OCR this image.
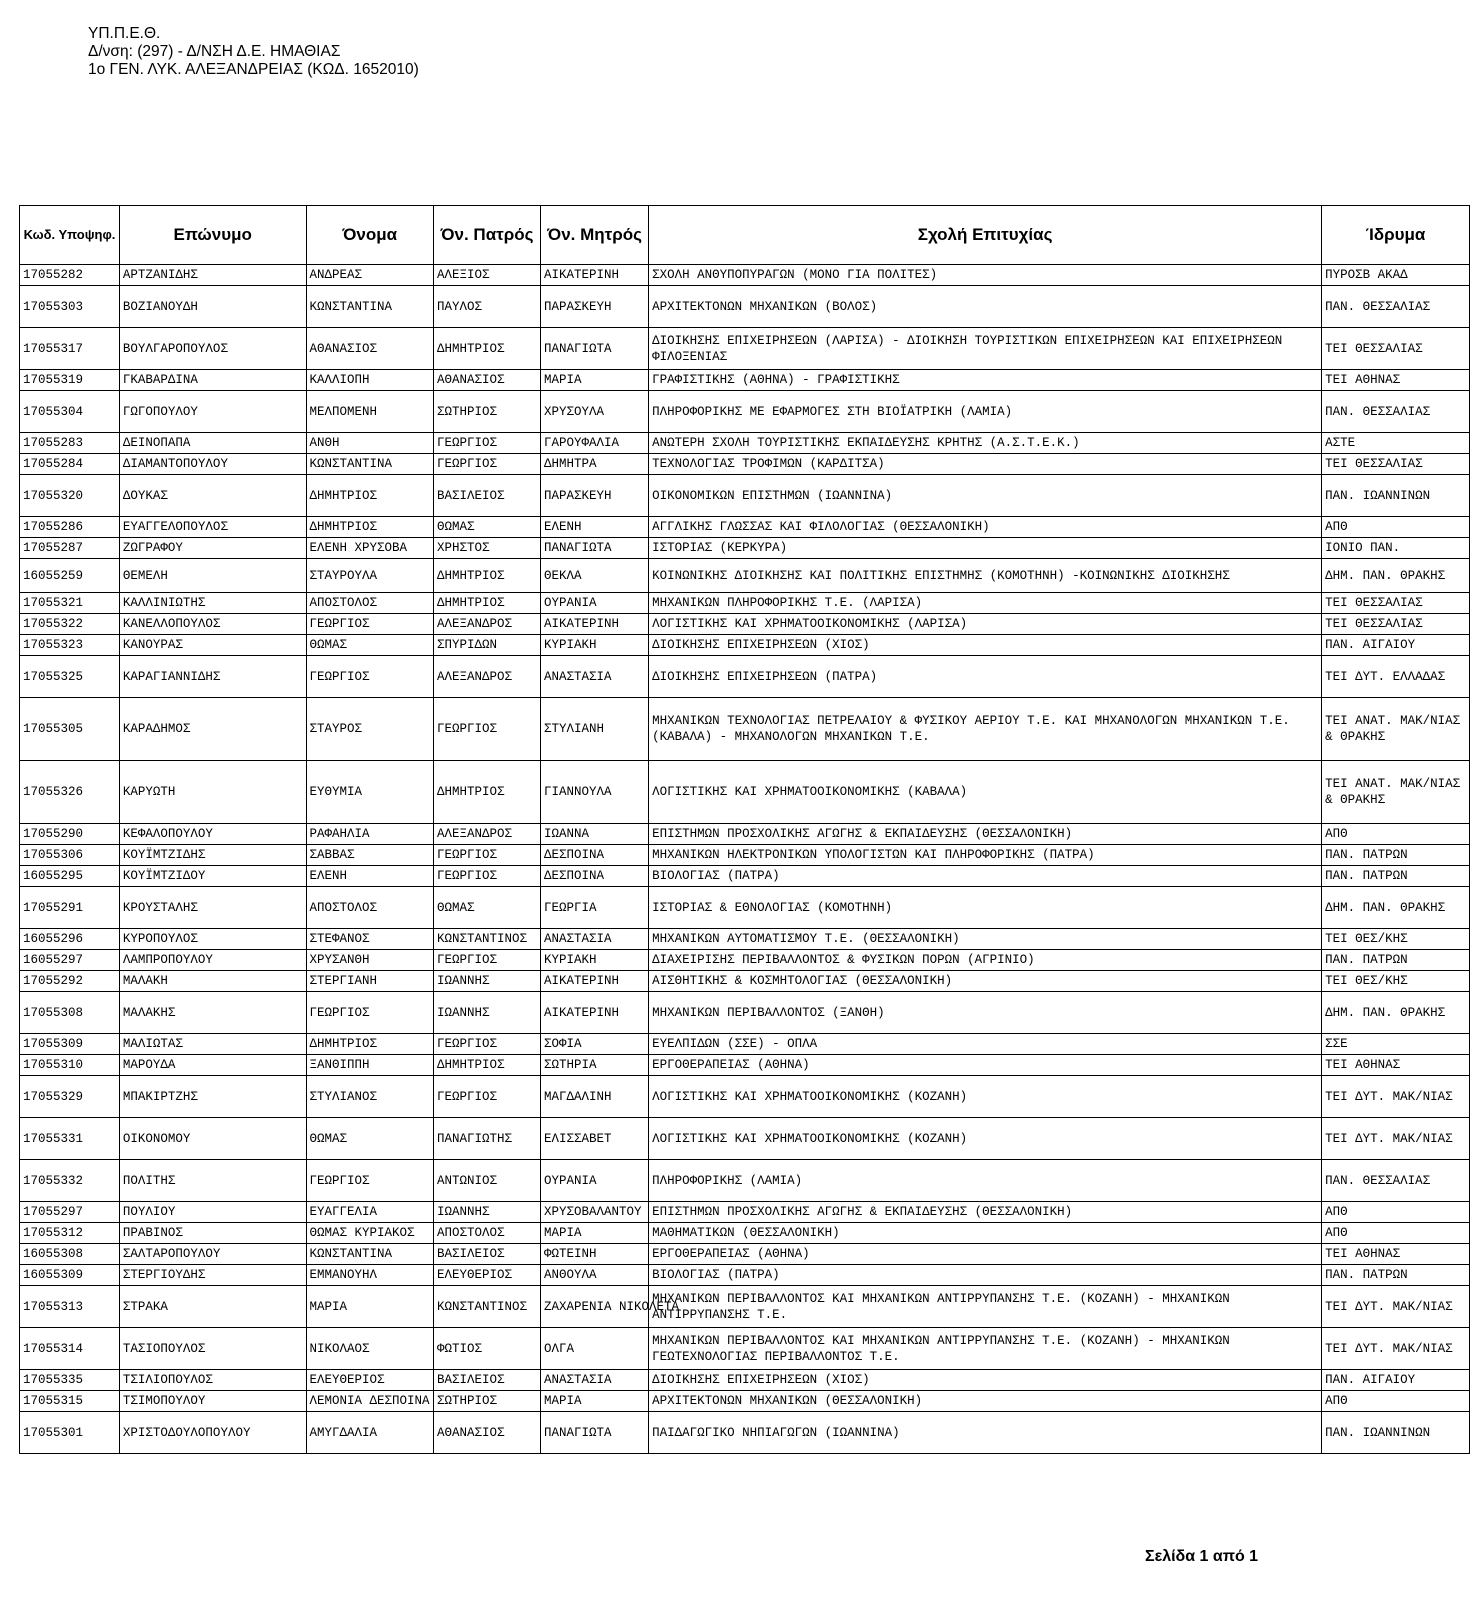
ΥΠ.Π.Ε.Θ.
Δ/νση: (297) - Δ/ΝΣΗ Δ.Ε. ΗΜΑΘΙΑΣ
1ο ΓΕΝ. ΛΥΚ. ΑΛΕΞΑΝΔΡΕΙΑΣ (ΚΩΔ. 1652010)
Κωδ. Υποψηφ.	Επώνυμο	Όνομα	Όν. Πατρός	Όν. Μητρός	Σχολή Επιτυχίας	Ίδρυμα
17055282	ΑΡΤΖΑΝΙΔΗΣ	ΑΝΔΡΕΑΣ	ΑΛΕΞΙΟΣ	ΑΙΚΑΤΕΡΙΝΗ	ΣΧΟΛΗ ΑΝΘΥΠΟΠΥΡΑΓΩΝ (ΜΟΝΟ ΓΙΑ ΠΟΛΙΤΕΣ)	ΠΥΡΟΣΒ ΑΚΑΔ
17055303	ΒΟΖΙΑΝΟΥΔΗ	ΚΩΝΣΤΑΝΤΙΝΑ	ΠΑΥΛΟΣ	ΠΑΡΑΣΚΕΥΗ	ΑΡΧΙΤΕΚΤΟΝΩΝ ΜΗΧΑΝΙΚΩΝ (ΒΟΛΟΣ)	ΠΑΝ. ΘΕΣΣΑΛΙΑΣ
17055317	ΒΟΥΛΓΑΡΟΠΟΥΛΟΣ	ΑΘΑΝΑΣΙΟΣ	ΔΗΜΗΤΡΙΟΣ	ΠΑΝΑΓΙΩΤΑ	ΔΙΟΙΚΗΣΗΣ ΕΠΙΧΕΙΡΗΣΕΩΝ (ΛΑΡΙΣΑ) - ΔΙΟΙΚΗΣΗ ΤΟΥΡΙΣΤΙΚΩΝ ΕΠΙΧΕΙΡΗΣΕΩΝ ΚΑΙ ΕΠΙΧΕΙΡΗΣΕΩΝ ΦΙΛΟΞΕΝΙΑΣ	ΤΕΙ ΘΕΣΣΑΛΙΑΣ
17055319	ΓΚΑΒΑΡΔΙΝΑ	ΚΑΛΛΙΟΠΗ	ΑΘΑΝΑΣΙΟΣ	ΜΑΡΙΑ	ΓΡΑΦΙΣΤΙΚΗΣ (ΑΘΗΝΑ) - ΓΡΑΦΙΣΤΙΚΗΣ	ΤΕΙ ΑΘΗΝΑΣ
17055304	ΓΩΓΟΠΟΥΛΟΥ	ΜΕΛΠΟΜΕΝΗ	ΣΩΤΗΡΙΟΣ	ΧΡΥΣΟΥΛΑ	ΠΛΗΡΟΦΟΡΙΚΗΣ ΜΕ ΕΦΑΡΜΟΓΕΣ ΣΤΗ ΒΙΟΪΑΤΡΙΚΗ (ΛΑΜΙΑ)	ΠΑΝ. ΘΕΣΣΑΛΙΑΣ
17055283	ΔΕΙΝΟΠΑΠΑ	ΑΝΘΗ	ΓΕΩΡΓΙΟΣ	ΓΑΡΟΥΦΑΛΙΑ	ΑΝΩΤΕΡΗ ΣΧΟΛΗ ΤΟΥΡΙΣΤΙΚΗΣ ΕΚΠΑΙΔΕΥΣΗΣ ΚΡΗΤΗΣ (Α.Σ.Τ.Ε.Κ.)	ΑΣΤΕ
17055284	ΔΙΑΜΑΝΤΟΠΟΥΛΟΥ	ΚΩΝΣΤΑΝΤΙΝΑ	ΓΕΩΡΓΙΟΣ	ΔΗΜΗΤΡΑ	ΤΕΧΝΟΛΟΓΙΑΣ ΤΡΟΦΙΜΩΝ (ΚΑΡΔΙΤΣΑ)	ΤΕΙ ΘΕΣΣΑΛΙΑΣ
17055320	ΔΟΥΚΑΣ	ΔΗΜΗΤΡΙΟΣ	ΒΑΣΙΛΕΙΟΣ	ΠΑΡΑΣΚΕΥΗ	ΟΙΚΟΝΟΜΙΚΩΝ ΕΠΙΣΤΗΜΩΝ (ΙΩΑΝΝΙΝΑ)	ΠΑΝ. ΙΩΑΝΝΙΝΩΝ
17055286	ΕΥΑΓΓΕΛΟΠΟΥΛΟΣ	ΔΗΜΗΤΡΙΟΣ	ΘΩΜΑΣ	ΕΛΕΝΗ	ΑΓΓΛΙΚΗΣ ΓΛΩΣΣΑΣ ΚΑΙ ΦΙΛΟΛΟΓΙΑΣ (ΘΕΣΣΑΛΟΝΙΚΗ)	ΑΠΘ
17055287	ΖΩΓΡΑΦΟΥ	ΕΛΕΝΗ ΧΡΥΣΟΒΑ	ΧΡΗΣΤΟΣ	ΠΑΝΑΓΙΩΤΑ	ΙΣΤΟΡΙΑΣ (ΚΕΡΚΥΡΑ)	ΙΟΝΙΟ ΠΑΝ.
16055259	ΘΕΜΕΛΗ	ΣΤΑΥΡΟΥΛΑ	ΔΗΜΗΤΡΙΟΣ	ΘΕΚΛΑ	ΚΟΙΝΩΝΙΚΗΣ ΔΙΟΙΚΗΣΗΣ ΚΑΙ ΠΟΛΙΤΙΚΗΣ ΕΠΙΣΤΗΜΗΣ (ΚΟΜΟΤΗΝΗ) -ΚΟΙΝΩΝΙΚΗΣ ΔΙΟΙΚΗΣΗΣ	ΔΗΜ. ΠΑΝ. ΘΡΑΚΗΣ
17055321	ΚΑΛΛΙΝΙΩΤΗΣ	ΑΠΟΣΤΟΛΟΣ	ΔΗΜΗΤΡΙΟΣ	ΟΥΡΑΝΙΑ	ΜΗΧΑΝΙΚΩΝ ΠΛΗΡΟΦΟΡΙΚΗΣ Τ.Ε. (ΛΑΡΙΣΑ)	ΤΕΙ ΘΕΣΣΑΛΙΑΣ
17055322	ΚΑΝΕΛΛΟΠΟΥΛΟΣ	ΓΕΩΡΓΙΟΣ	ΑΛΕΞΑΝΔΡΟΣ	ΑΙΚΑΤΕΡΙΝΗ	ΛΟΓΙΣΤΙΚΗΣ ΚΑΙ ΧΡΗΜΑΤΟΟΙΚΟΝΟΜΙΚΗΣ (ΛΑΡΙΣΑ)	ΤΕΙ ΘΕΣΣΑΛΙΑΣ
17055323	ΚΑΝΟΥΡΑΣ	ΘΩΜΑΣ	ΣΠΥΡΙΔΩΝ	ΚΥΡΙΑΚΗ	ΔΙΟΙΚΗΣΗΣ ΕΠΙΧΕΙΡΗΣΕΩΝ (ΧΙΟΣ)	ΠΑΝ. ΑΙΓΑΙΟΥ
17055325	ΚΑΡΑΓΙΑΝΝΙΔΗΣ	ΓΕΩΡΓΙΟΣ	ΑΛΕΞΑΝΔΡΟΣ	ΑΝΑΣΤΑΣΙΑ	ΔΙΟΙΚΗΣΗΣ ΕΠΙΧΕΙΡΗΣΕΩΝ (ΠΑΤΡΑ)	ΤΕΙ ΔΥΤ. ΕΛΛΑΔΑΣ
17055305	ΚΑΡΑΔΗΜΟΣ	ΣΤΑΥΡΟΣ	ΓΕΩΡΓΙΟΣ	ΣΤΥΛΙΑΝΗ	ΜΗΧΑΝΙΚΩΝ ΤΕΧΝΟΛΟΓΙΑΣ ΠΕΤΡΕΛΑΙΟΥ & ΦΥΣΙΚΟΥ ΑΕΡΙΟΥ Τ.Ε. ΚΑΙ ΜΗΧΑΝΟΛΟΓΩΝ ΜΗΧΑΝΙΚΩΝ Τ.Ε. (ΚΑΒΑΛΑ) - ΜΗΧΑΝΟΛΟΓΩΝ ΜΗΧΑΝΙΚΩΝ Τ.Ε.	ΤΕΙ ΑΝΑΤ. ΜΑΚ/ΝΙΑΣ & ΘΡΑΚΗΣ
17055326	ΚΑΡΥΩΤΗ	ΕΥΘΥΜΙΑ	ΔΗΜΗΤΡΙΟΣ	ΓΙΑΝΝΟΥΛΑ	ΛΟΓΙΣΤΙΚΗΣ ΚΑΙ ΧΡΗΜΑΤΟΟΙΚΟΝΟΜΙΚΗΣ (ΚΑΒΑΛΑ)	ΤΕΙ ΑΝΑΤ. ΜΑΚ/ΝΙΑΣ & ΘΡΑΚΗΣ
17055290	ΚΕΦΑΛΟΠΟΥΛΟΥ	ΡΑΦΑΗΛΙΑ	ΑΛΕΞΑΝΔΡΟΣ	ΙΩΑΝΝΑ	ΕΠΙΣΤΗΜΩΝ ΠΡΟΣΧΟΛΙΚΗΣ ΑΓΩΓΗΣ & ΕΚΠΑΙΔΕΥΣΗΣ (ΘΕΣΣΑΛΟΝΙΚΗ)	ΑΠΘ
17055306	ΚΟΥΪΜΤΖΙΔΗΣ	ΣΑΒΒΑΣ	ΓΕΩΡΓΙΟΣ	ΔΕΣΠΟΙΝΑ	ΜΗΧΑΝΙΚΩΝ ΗΛΕΚΤΡΟΝΙΚΩΝ ΥΠΟΛΟΓΙΣΤΩΝ ΚΑΙ ΠΛΗΡΟΦΟΡΙΚΗΣ (ΠΑΤΡΑ)	ΠΑΝ. ΠΑΤΡΩΝ
16055295	ΚΟΥΪΜΤΖΙΔΟΥ	ΕΛΕΝΗ	ΓΕΩΡΓΙΟΣ	ΔΕΣΠΟΙΝΑ	ΒΙΟΛΟΓΙΑΣ (ΠΑΤΡΑ)	ΠΑΝ. ΠΑΤΡΩΝ
17055291	ΚΡΟΥΣΤΑΛΗΣ	ΑΠΟΣΤΟΛΟΣ	ΘΩΜΑΣ	ΓΕΩΡΓΙΑ	ΙΣΤΟΡΙΑΣ & ΕΘΝΟΛΟΓΙΑΣ (ΚΟΜΟΤΗΝΗ)	ΔΗΜ. ΠΑΝ. ΘΡΑΚΗΣ
16055296	ΚΥΡΟΠΟΥΛΟΣ	ΣΤΕΦΑΝΟΣ	ΚΩΝΣΤΑΝΤΙΝΟΣ	ΑΝΑΣΤΑΣΙΑ	ΜΗΧΑΝΙΚΩΝ ΑΥΤΟΜΑΤΙΣΜΟΥ Τ.Ε. (ΘΕΣΣΑΛΟΝΙΚΗ)	ΤΕΙ ΘΕΣ/ΚΗΣ
16055297	ΛΑΜΠΡΟΠΟΥΛΟΥ	ΧΡΥΣΑΝΘΗ	ΓΕΩΡΓΙΟΣ	ΚΥΡΙΑΚΗ	ΔΙΑΧΕΙΡΙΣΗΣ ΠΕΡΙΒΑΛΛΟΝΤΟΣ & ΦΥΣΙΚΩΝ ΠΟΡΩΝ (ΑΓΡΙΝΙΟ)	ΠΑΝ. ΠΑΤΡΩΝ
17055292	ΜΑΛΑΚΗ	ΣΤΕΡΓΙΑΝΗ	ΙΩΑΝΝΗΣ	ΑΙΚΑΤΕΡΙΝΗ	ΑΙΣΘΗΤΙΚΗΣ & ΚΟΣΜΗΤΟΛΟΓΙΑΣ (ΘΕΣΣΑΛΟΝΙΚΗ)	ΤΕΙ ΘΕΣ/ΚΗΣ
17055308	ΜΑΛΑΚΗΣ	ΓΕΩΡΓΙΟΣ	ΙΩΑΝΝΗΣ	ΑΙΚΑΤΕΡΙΝΗ	ΜΗΧΑΝΙΚΩΝ ΠΕΡΙΒΑΛΛΟΝΤΟΣ (ΞΑΝΘΗ)	ΔΗΜ. ΠΑΝ. ΘΡΑΚΗΣ
17055309	ΜΑΛΙΩΤΑΣ	ΔΗΜΗΤΡΙΟΣ	ΓΕΩΡΓΙΟΣ	ΣΟΦΙΑ	ΕΥΕΛΠΙΔΩΝ (ΣΣΕ) - ΟΠΛΑ	ΣΣΕ
17055310	ΜΑΡΟΥΔΑ	ΞΑΝΘΙΠΠΗ	ΔΗΜΗΤΡΙΟΣ	ΣΩΤΗΡΙΑ	ΕΡΓΟΘΕΡΑΠΕΙΑΣ (ΑΘΗΝΑ)	ΤΕΙ ΑΘΗΝΑΣ
17055329	ΜΠΑΚΙΡΤΖΗΣ	ΣΤΥΛΙΑΝΟΣ	ΓΕΩΡΓΙΟΣ	ΜΑΓΔΑΛΙΝΗ	ΛΟΓΙΣΤΙΚΗΣ ΚΑΙ ΧΡΗΜΑΤΟΟΙΚΟΝΟΜΙΚΗΣ (ΚΟΖΑΝΗ)	ΤΕΙ ΔΥΤ. ΜΑΚ/ΝΙΑΣ
17055331	ΟΙΚΟΝΟΜΟΥ	ΘΩΜΑΣ	ΠΑΝΑΓΙΩΤΗΣ	ΕΛΙΣΣΑΒΕΤ	ΛΟΓΙΣΤΙΚΗΣ ΚΑΙ ΧΡΗΜΑΤΟΟΙΚΟΝΟΜΙΚΗΣ (ΚΟΖΑΝΗ)	ΤΕΙ ΔΥΤ. ΜΑΚ/ΝΙΑΣ
17055332	ΠΟΛΙΤΗΣ	ΓΕΩΡΓΙΟΣ	ΑΝΤΩΝΙΟΣ	ΟΥΡΑΝΙΑ	ΠΛΗΡΟΦΟΡΙΚΗΣ (ΛΑΜΙΑ)	ΠΑΝ. ΘΕΣΣΑΛΙΑΣ
17055297	ΠΟΥΛΙΟΥ	ΕΥΑΓΓΕΛΙΑ	ΙΩΑΝΝΗΣ	ΧΡΥΣΟΒΑΛΑΝΤΟΥ	ΕΠΙΣΤΗΜΩΝ ΠΡΟΣΧΟΛΙΚΗΣ ΑΓΩΓΗΣ & ΕΚΠΑΙΔΕΥΣΗΣ (ΘΕΣΣΑΛΟΝΙΚΗ)	ΑΠΘ
17055312	ΠΡΑΒΙΝΟΣ	ΘΩΜΑΣ ΚΥΡΙΑΚΟΣ	ΑΠΟΣΤΟΛΟΣ	ΜΑΡΙΑ	ΜΑΘΗΜΑΤΙΚΩΝ (ΘΕΣΣΑΛΟΝΙΚΗ)	ΑΠΘ
16055308	ΣΑΛΤΑΡΟΠΟΥΛΟΥ	ΚΩΝΣΤΑΝΤΙΝΑ	ΒΑΣΙΛΕΙΟΣ	ΦΩΤΕΙΝΗ	ΕΡΓΟΘΕΡΑΠΕΙΑΣ (ΑΘΗΝΑ)	ΤΕΙ ΑΘΗΝΑΣ
16055309	ΣΤΕΡΓΙΟΥΔΗΣ	ΕΜΜΑΝΟΥΗΛ	ΕΛΕΥΘΕΡΙΟΣ	ΑΝΘΟΥΛΑ	ΒΙΟΛΟΓΙΑΣ (ΠΑΤΡΑ)	ΠΑΝ. ΠΑΤΡΩΝ
17055313	ΣΤΡΑΚΑ	ΜΑΡΙΑ	ΚΩΝΣΤΑΝΤΙΝΟΣ	ΖΑΧΑΡΕΝΙΑ ΝΙΚΟΛΕΤΑ	ΜΗΧΑΝΙΚΩΝ ΠΕΡΙΒΑΛΛΟΝΤΟΣ ΚΑΙ ΜΗΧΑΝΙΚΩΝ ΑΝΤΙΡΡΥΠΑΝΣΗΣ Τ.Ε. (ΚΟΖΑΝΗ) - ΜΗΧΑΝΙΚΩΝ ΑΝΤΙΡΡΥΠΑΝΣΗΣ Τ.Ε.	ΤΕΙ ΔΥΤ. ΜΑΚ/ΝΙΑΣ
17055314	ΤΑΣΙΟΠΟΥΛΟΣ	ΝΙΚΟΛΑΟΣ	ΦΩΤΙΟΣ	ΟΛΓΑ	ΜΗΧΑΝΙΚΩΝ ΠΕΡΙΒΑΛΛΟΝΤΟΣ ΚΑΙ ΜΗΧΑΝΙΚΩΝ ΑΝΤΙΡΡΥΠΑΝΣΗΣ Τ.Ε. (ΚΟΖΑΝΗ) - ΜΗΧΑΝΙΚΩΝ ΓΕΩΤΕΧΝΟΛΟΓΙΑΣ ΠΕΡΙΒΑΛΛΟΝΤΟΣ Τ.Ε.	ΤΕΙ ΔΥΤ. ΜΑΚ/ΝΙΑΣ
17055335	ΤΣΙΛΙΟΠΟΥΛΟΣ	ΕΛΕΥΘΕΡΙΟΣ	ΒΑΣΙΛΕΙΟΣ	ΑΝΑΣΤΑΣΙΑ	ΔΙΟΙΚΗΣΗΣ ΕΠΙΧΕΙΡΗΣΕΩΝ (ΧΙΟΣ)	ΠΑΝ. ΑΙΓΑΙΟΥ
17055315	ΤΣΙΜΟΠΟΥΛΟΥ	ΛΕΜΟΝΙΑ ΔΕΣΠΟΙΝΑ	ΣΩΤΗΡΙΟΣ	ΜΑΡΙΑ	ΑΡΧΙΤΕΚΤΟΝΩΝ ΜΗΧΑΝΙΚΩΝ (ΘΕΣΣΑΛΟΝΙΚΗ)	ΑΠΘ
17055301	ΧΡΙΣΤΟΔΟΥΛΟΠΟΥΛΟΥ	ΑΜΥΓΔΑΛΙΑ	ΑΘΑΝΑΣΙΟΣ	ΠΑΝΑΓΙΩΤΑ	ΠΑΙΔΑΓΩΓΙΚΟ ΝΗΠΙΑΓΩΓΩΝ (ΙΩΑΝΝΙΝΑ)	ΠΑΝ. ΙΩΑΝΝΙΝΩΝ
Σελίδα 1 από 1
